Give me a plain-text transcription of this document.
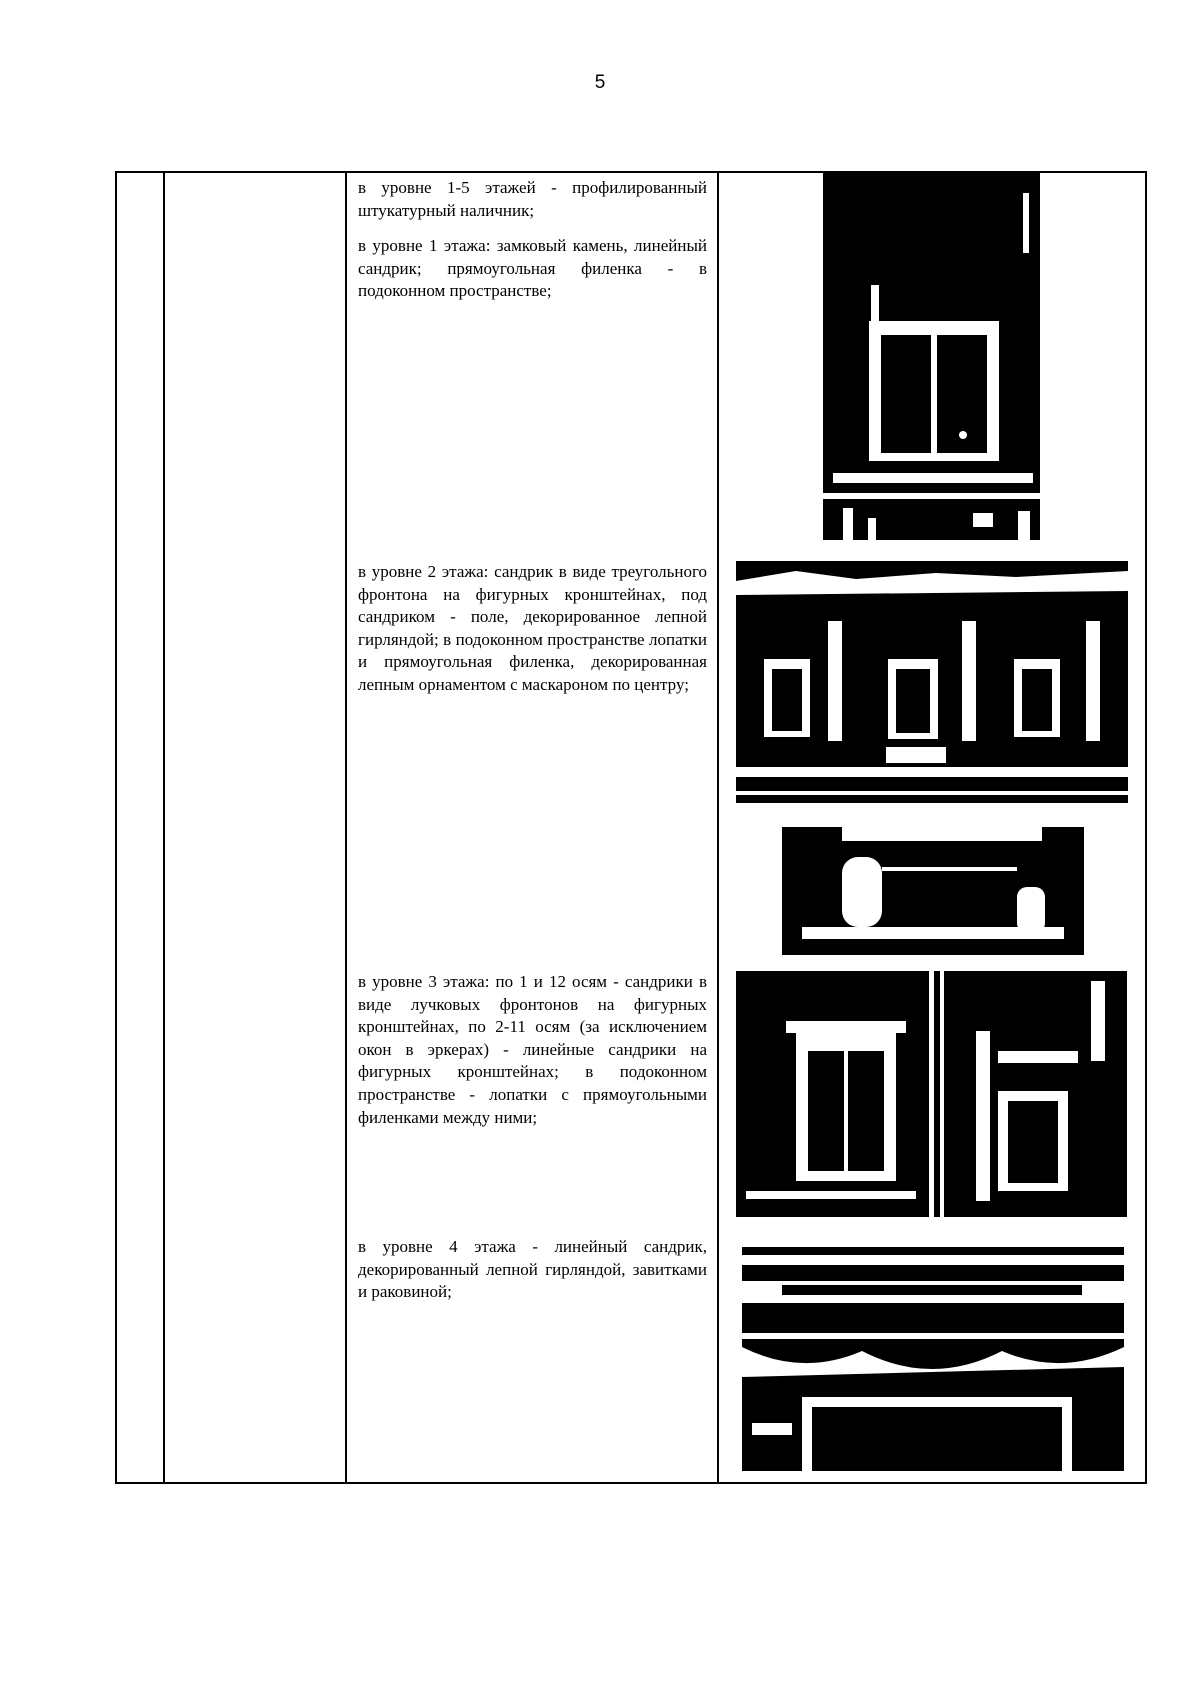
5

в уровне 1-5 этажей - профилированный штукатурный наличник;

в уровне 1 этажа: замковый камень, линейный сандрик; прямоугольная филенка - в подоконном пространстве;

в уровне 2 этажа: сандрик в виде треугольного фронтона на фигурных кронштейнах, под сандриком - поле, декорированное лепной гирляндой; в подоконном пространстве лопатки и прямоугольная филенка, декорированная лепным орнаментом с маскароном по центру;

в уровне 3 этажа: по 1 и 12 осям - сандрики в виде лучковых фронтонов на фигурных кронштейнах, по 2-11 осям (за исключением окон в эркерах) - линейные сандрики на фигурных кронштейнах; в подоконном пространстве - лопатки с прямоугольными филенками между ними;

в уровне 4 этажа - линейный сандрик, декорированный лепной гирляндой, завитками и раковиной;
